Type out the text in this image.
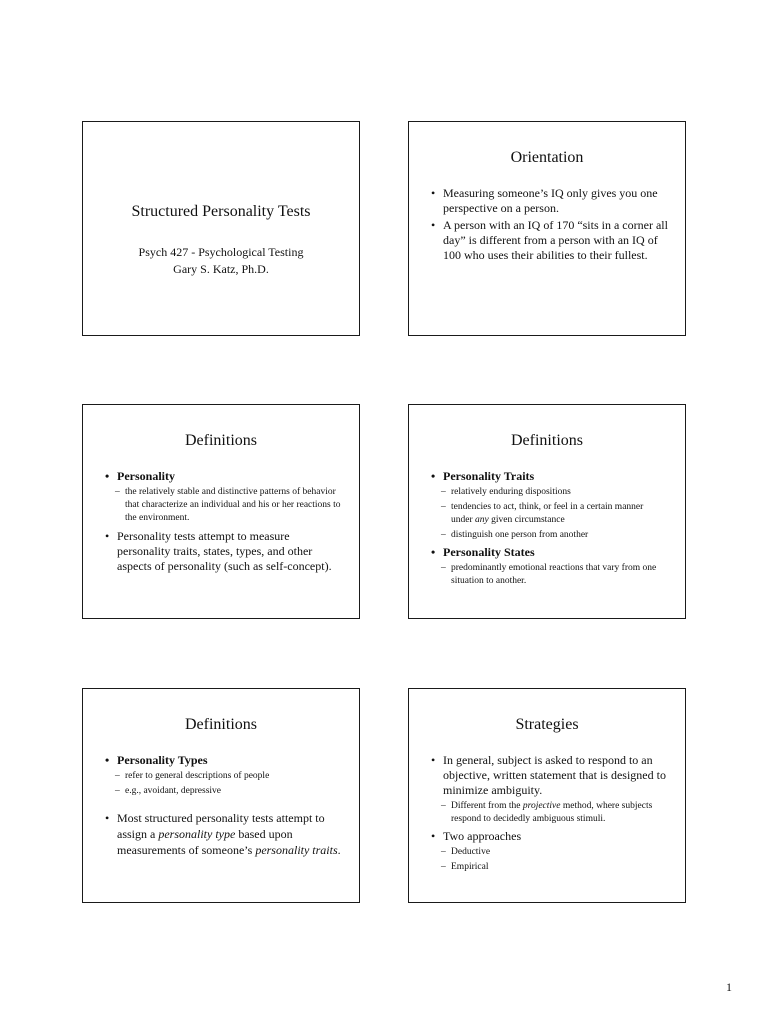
Structured Personality Tests
Psych 427 - Psychological Testing
Gary S. Katz, Ph.D.
Orientation
• Measuring someone’s IQ only gives you one perspective on a person.
• A person with an IQ of 170 “sits in a corner all day” is different from a person with an IQ of 100 who uses their abilities to their fullest.
Definitions
• Personality
– the relatively stable and distinctive patterns of behavior that characterize an individual and his or her reactions to the environment.
• Personality tests attempt to measure personality traits, states, types, and other aspects of personality (such as self-concept).
Definitions
• Personality Traits
– relatively enduring dispositions
– tendencies to act, think, or feel in a certain manner under any given circumstance
– distinguish one person from another
• Personality States
– predominantly emotional reactions that vary from one situation to another.
Definitions
• Personality Types
– refer to general descriptions of people
– e.g., avoidant, depressive
• Most structured personality tests attempt to assign a personality type based upon measurements of someone’s personality traits.
Strategies
• In general, subject is asked to respond to an objective, written statement that is designed to minimize ambiguity.
– Different from the projective method, where subjects respond to decidedly ambiguous stimuli.
• Two approaches
– Deductive
– Empirical
1
